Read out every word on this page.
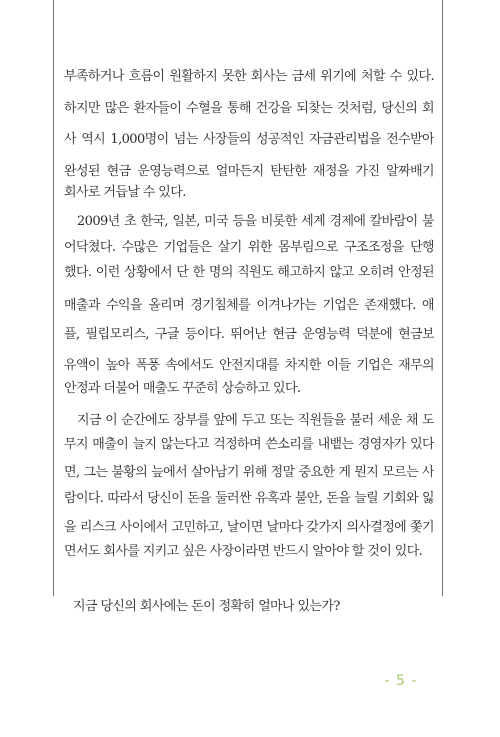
부족하거나 흐름이 원활하지 못한 회사는 금세 위기에 처할 수 있다.
하지만 많은 환자들이 수혈을 통해 건강을 되찾는 것처럼, 당신의 회
사 역시 1,000명이 넘는 사장들의 성공적인 자금관리법을 전수받아
완성된 현금 운영능력으로 얼마든지 탄탄한 재정을 가진 알짜배기
회사로 거듭날 수 있다.
2009년 초 한국, 일본, 미국 등을 비롯한 세계 경제에 칼바람이 불
어닥쳤다. 수많은 기업들은 살기 위한 몸부림으로 구조조정을 단행
했다. 이런 상황에서 단 한 명의 직원도 해고하지 않고 오히려 안정된
매출과 수익을 올리며 경기침체를 이겨나가는 기업은 존재했다. 애
플, 필립모리스, 구글 등이다. 뛰어난 현금 운영능력 덕분에 현금보
유액이 높아 폭풍 속에서도 안전지대를 차지한 이들 기업은 재무의
안정과 더불어 매출도 꾸준히 상승하고 있다.
지금 이 순간에도 장부를 앞에 두고 또는 직원들을 불러 세운 채 도
무지 매출이 늘지 않는다고 걱정하며 쓴소리를 내뱉는 경영자가 있다
면, 그는 불황의 늪에서 살아남기 위해 정말 중요한 게 뭔지 모르는 사
람이다. 따라서 당신이 돈을 둘러싼 유혹과 불안, 돈을 늘릴 기회와 잃
을 리스크 사이에서 고민하고, 날이면 날마다 갖가지 의사결정에 쫓기
면서도 회사를 지키고 싶은 사장이라면 반드시 알아야 할 것이 있다.
지금 당신의 회사에는 돈이 정확히 얼마나 있는가?
- 5 -
